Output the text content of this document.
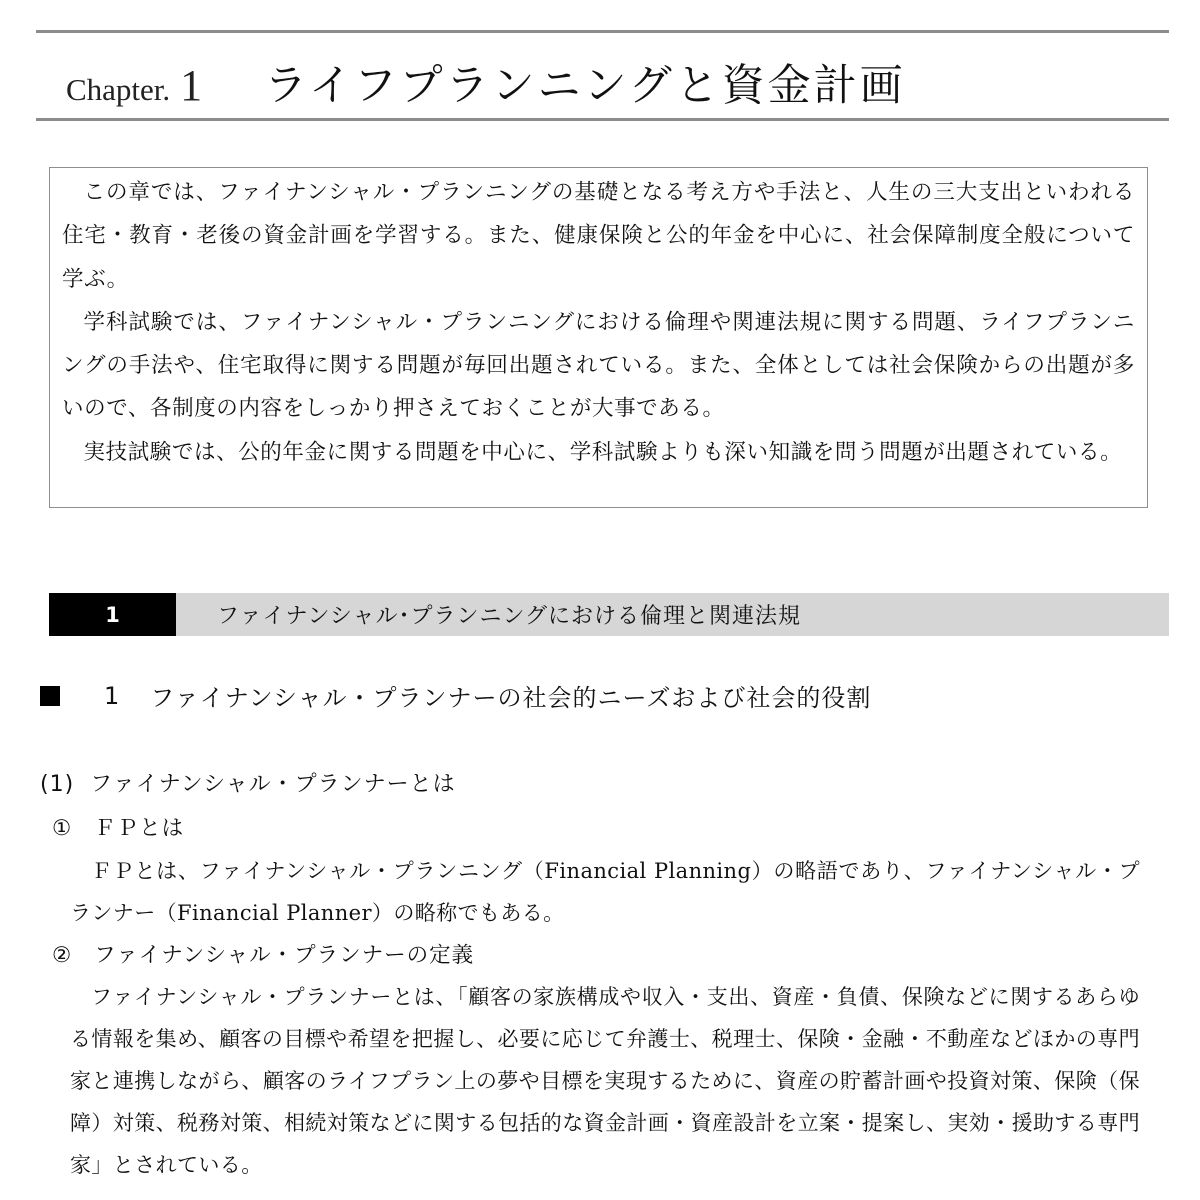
Chapter. 1 ライフプランニングと資金計画

この章では、ファイナンシャル・プランニングの基礎となる考え方や手法と、人生の三大支出といわれる住宅・教育・老後の資金計画を学習する。また、健康保険と公的年金を中心に、社会保障制度全般について学ぶ。

学科試験では、ファイナンシャル・プランニングにおける倫理や関連法規に関する問題、ライフプランニングの手法や、住宅取得に関する問題が毎回出題されている。また、全体としては社会保険からの出題が多いので、各制度の内容をしっかり押さえておくことが大事である。

実技試験では、公的年金に関する問題を中心に、学科試験よりも深い知識を問う問題が出題されている。

1	ファイナンシャル･プランニングにおける倫理と関連法規
1 ファイナンシャル・プランナーの社会的ニーズおよび社会的役割
(1) ファイナンシャル・プランナーとは
① ＦＰとは

ＦＰとは、ファイナンシャル・プランニング（Financial Planning）の略語であり、ファイナンシャル・プランナー（Financial Planner）の略称でもある。

② ファイナンシャル・プランナーの定義

ファイナンシャル・プランナーとは、「顧客の家族構成や収入・支出、資産・負債、保険などに関するあらゆる情報を集め、顧客の目標や希望を把握し、必要に応じて弁護士、税理士、保険・金融・不動産などほかの専門家と連携しながら、顧客のライフプラン上の夢や目標を実現するために、資産の貯蓄計画や投資対策、保険（保障）対策、税務対策、相続対策などに関する包括的な資金計画・資産設計を立案・提案し、実効・援助する専門家」とされている。
